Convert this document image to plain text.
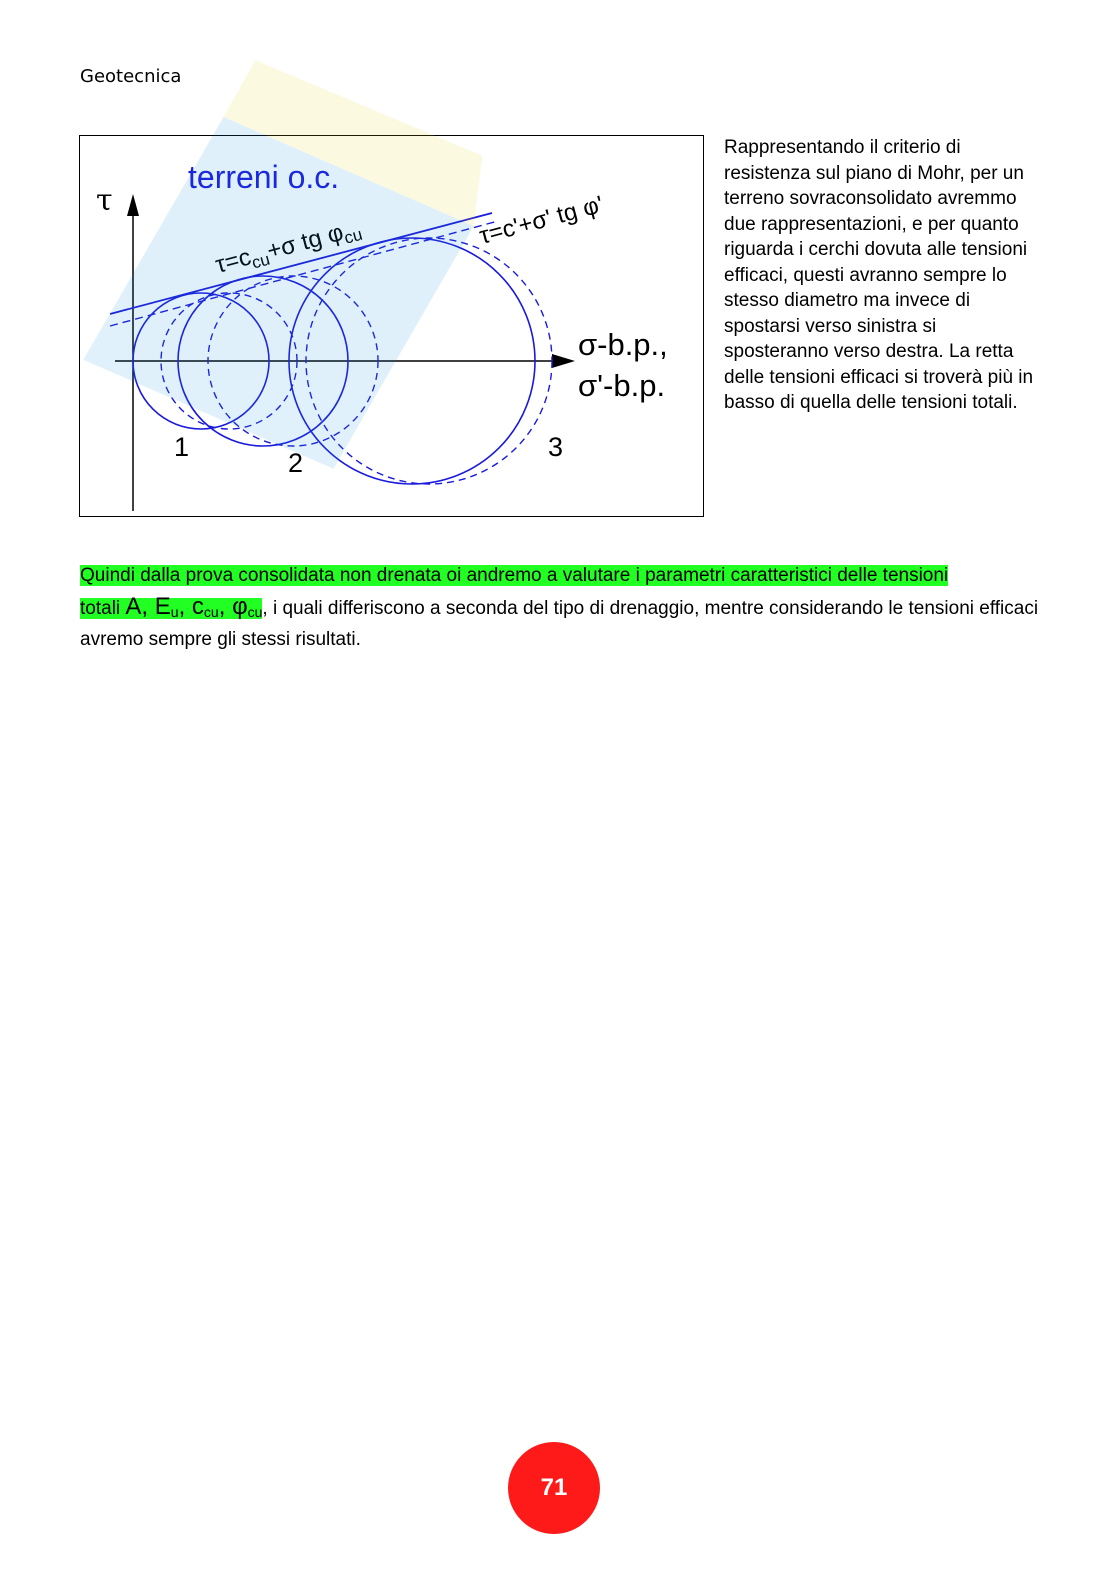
Geotecnica
terreni o.c.
τ
$\tau=c_{cu}+\sigma$ tg $\varphi_{cu}$	τ=c'+σ' tg φ'
σ-b.p.,
σ'-b.p.
1
2
3
Rappresentando il criterio di resistenza sul piano di Mohr, per un terreno sovraconsolidato avremmo due rappresentazioni, e per quanto riguarda i cerchi dovuta alle tensioni efficaci, questi avranno sempre lo stesso diametro ma invece di spostarsi verso sinistra si sposteranno verso destra. La retta delle tensioni efficaci si troverà più in basso di quella delle tensioni totali.
Quindi dalla prova consolidata non drenata oi andremo a valutare i parametri caratteristici delle tensioni
totali A, $E_u$, $c_{cu}$, $\varphi_{cu}$, i quali differiscono a seconda del tipo di drenaggio, mentre considerando le tensioni efficaci avremo sempre gli stessi risultati.
71
